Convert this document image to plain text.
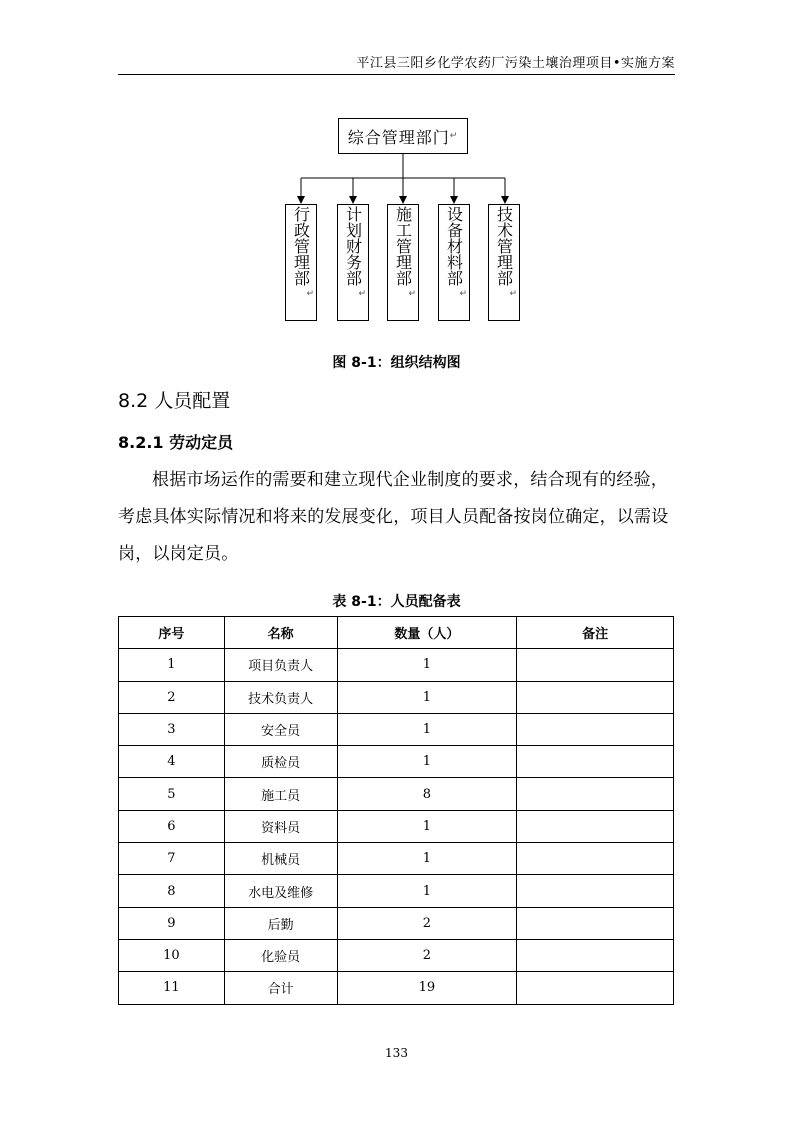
平江县三阳乡化学农药厂污染土壤治理项目•实施方案
综合管理部门 ↵
行政管理部
↵
计划财务部
↵
施工管理部
↵
设备材料部
↵
技术管理部
↵
图 8-1：组织结构图
8.2 人员配置
8.2.1 劳动定员
根据市场运作的需要和建立现代企业制度的要求，结合现有的经验，考虑具体实际情况和将来的发展变化，项目人员配备按岗位确定，以需设岗，以岗定员。
表 8-1：人员配备表
序号	名称	数量（人）	备注
1	项目负责人	1	
2	技术负责人	1	
3	安全员	1	
4	质检员	1	
5	施工员	8	
6	资料员	1	
7	机械员	1	
8	水电及维修	1	
9	后勤	2	
10	化验员	2	
11	合计	19	
133
